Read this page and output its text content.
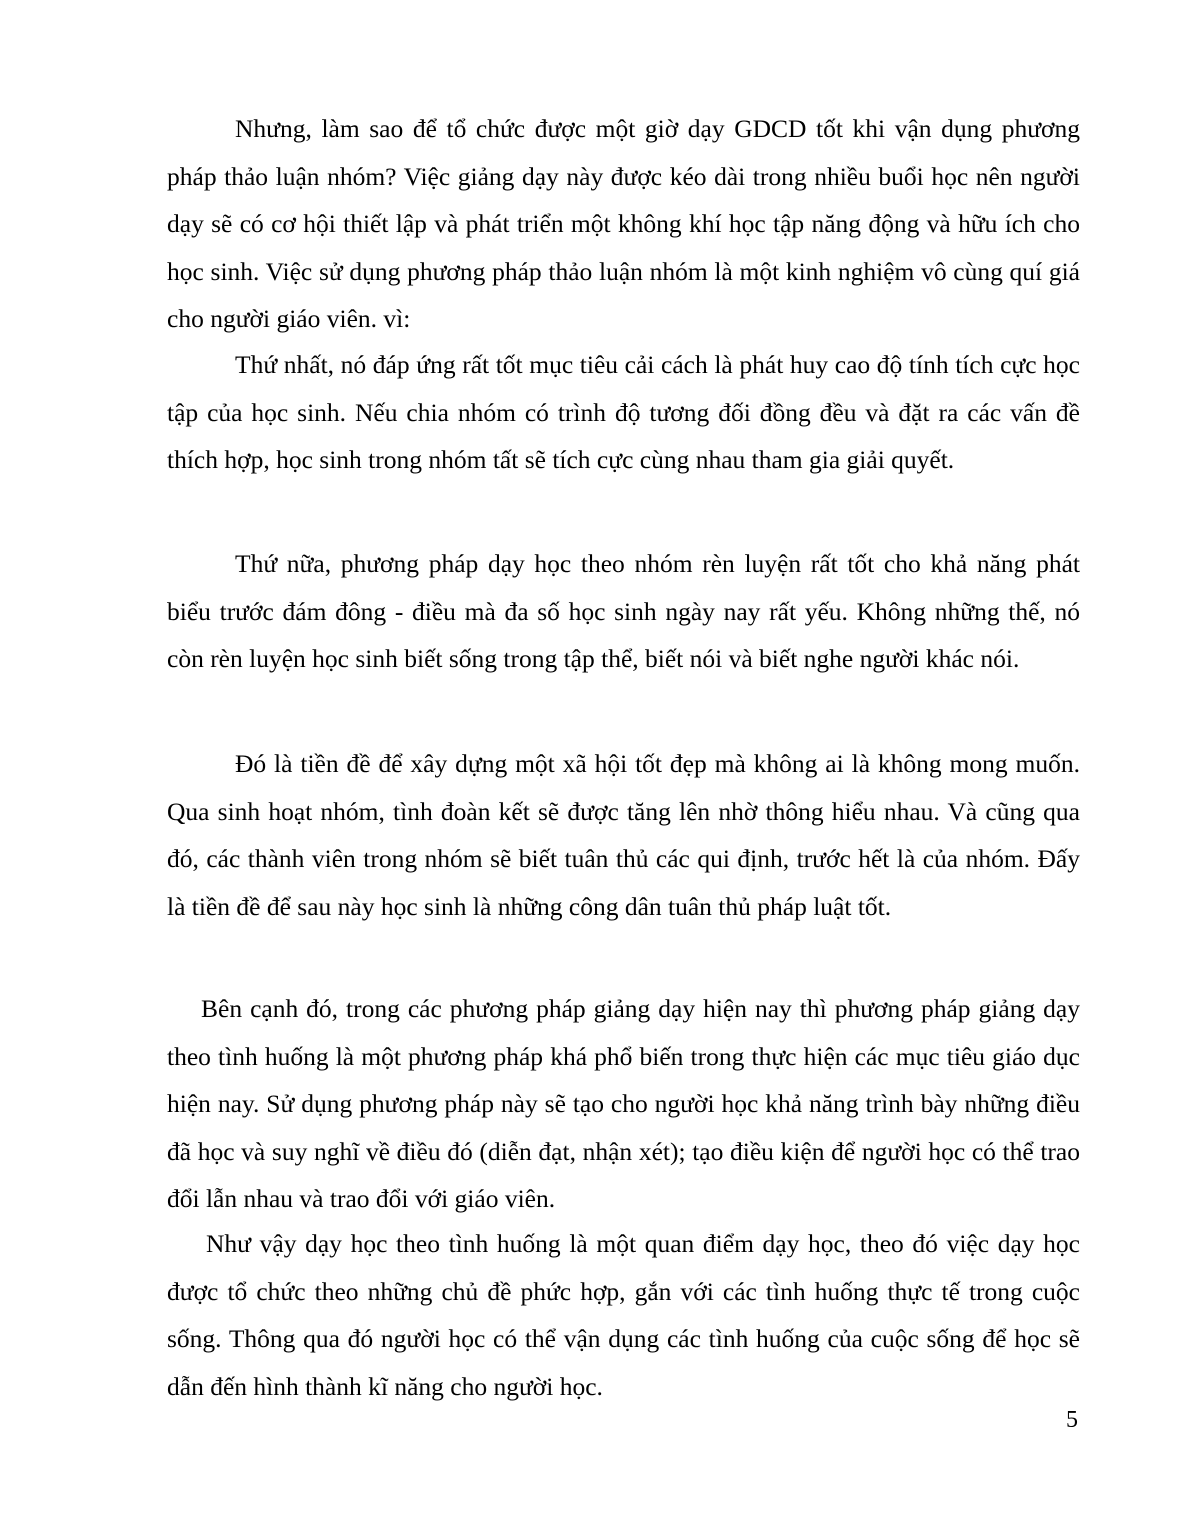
Nhưng, làm sao để tổ chức được một giờ dạy GDCD tốt khi vận dụng phương pháp thảo luận nhóm? Việc giảng dạy này được kéo dài trong nhiều buổi học nên người dạy sẽ có cơ hội thiết lập và phát triển một không khí học tập năng động và hữu ích cho học sinh. Việc sử dụng phương pháp thảo luận nhóm là một kinh nghiệm vô cùng quí giá cho người giáo viên. vì:

Thứ nhất, nó đáp ứng rất tốt mục tiêu cải cách là phát huy cao độ tính tích cực học tập của học sinh. Nếu chia nhóm có trình độ tương đối đồng đều và đặt ra các vấn đề thích hợp, học sinh trong nhóm tất sẽ tích cực cùng nhau tham gia giải quyết.

Thứ nữa, phương pháp dạy học theo nhóm rèn luyện rất tốt cho khả năng phát biểu trước đám đông - điều mà đa số học sinh ngày nay rất yếu. Không những thế, nó còn rèn luyện học sinh biết sống trong tập thể, biết nói và biết nghe người khác nói.

Đó là tiền đề để xây dựng một xã hội tốt đẹp mà không ai là không mong muốn. Qua sinh hoạt nhóm, tình đoàn kết sẽ được tăng lên nhờ thông hiểu nhau. Và cũng qua đó, các thành viên trong nhóm sẽ biết tuân thủ các qui định, trước hết là của nhóm. Đấy là tiền đề để sau này học sinh là những công dân tuân thủ pháp luật tốt.

Bên cạnh đó, trong các phương pháp giảng dạy hiện nay thì phương pháp giảng dạy theo tình huống là một phương pháp khá phổ biến trong thực hiện các mục tiêu giáo dục hiện nay. Sử dụng phương pháp này sẽ tạo cho người học khả năng trình bày những điều đã học và suy nghĩ về điều đó (diễn đạt, nhận xét); tạo điều kiện để người học có thể trao đổi lẫn nhau và trao đổi với giáo viên.

Như vậy dạy học theo tình huống là một quan điểm dạy học, theo đó việc dạy học được tổ chức theo những chủ đề phức hợp, gắn với các tình huống thực tế trong cuộc sống. Thông qua đó người học có thể vận dụng các tình huống của cuộc sống để học sẽ dẫn đến hình thành kĩ năng cho người học.

5
